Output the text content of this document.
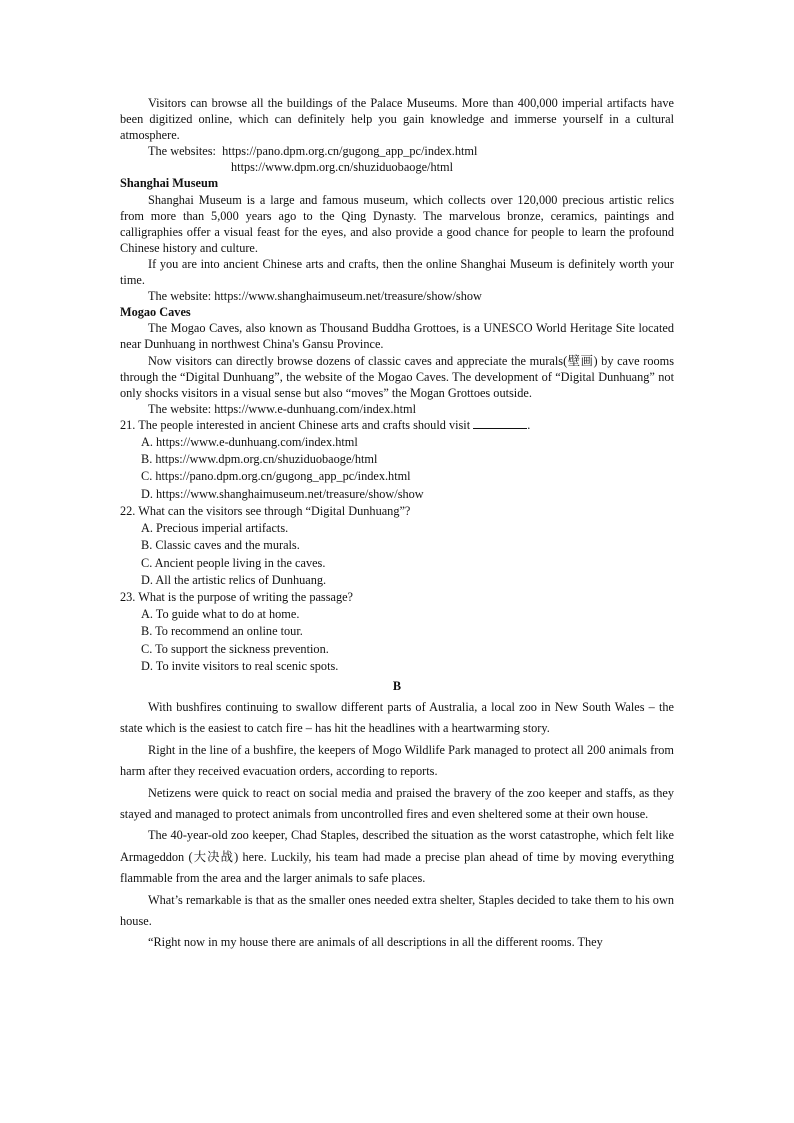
Visitors can browse all the buildings of the Palace Museums. More than 400,000 imperial artifacts have been digitized online, which can definitely help you gain knowledge and immerse yourself in a cultural atmosphere.

The websites: https://pano.dpm.org.cn/gugong_app_pc/index.html

https://www.dpm.org.cn/shuziduobaoge/html

Shanghai Museum

Shanghai Museum is a large and famous museum, which collects over 120,000 precious artistic relics from more than 5,000 years ago to the Qing Dynasty. The marvelous bronze, ceramics, paintings and calligraphies offer a visual feast for the eyes, and also provide a good chance for people to learn the profound Chinese history and culture.

If you are into ancient Chinese arts and crafts, then the online Shanghai Museum is definitely worth your time.

The website: https://www.shanghaimuseum.net/treasure/show/show

Mogao Caves

The Mogao Caves, also known as Thousand Buddha Grottoes, is a UNESCO World Heritage Site located near Dunhuang in northwest China's Gansu Province.

Now visitors can directly browse dozens of classic caves and appreciate the murals(壁画) by cave rooms through the “Digital Dunhuang”, the website of the Mogao Caves. The development of “Digital Dunhuang” not only shocks visitors in a visual sense but also “moves” the Mogan Grottoes outside.

The website: https://www.e-dunhuang.com/index.html

21. The people interested in ancient Chinese arts and crafts should visit	.

A. https://www.e-dunhuang.com/index.html

B. https://www.dpm.org.cn/shuziduobaoge/html

C. https://pano.dpm.org.cn/gugong_app_pc/index.html

D. https://www.shanghaimuseum.net/treasure/show/show

22. What can the visitors see through “Digital Dunhuang”?

A. Precious imperial artifacts.

B. Classic caves and the murals.

C. Ancient people living in the caves.

D. All the artistic relics of Dunhuang.

23. What is the purpose of writing the passage?

A. To guide what to do at home.

B. To recommend an online tour.

C. To support the sickness prevention.

D. To invite visitors to real scenic spots.

B

With bushfires continuing to swallow different parts of Australia, a local zoo in New South Wales – the state which is the easiest to catch fire – has hit the headlines with a heartwarming story.

Right in the line of a bushfire, the keepers of Mogo Wildlife Park managed to protect all 200 animals from harm after they received evacuation orders, according to reports.

Netizens were quick to react on social media and praised the bravery of the zoo keeper and staffs, as they stayed and managed to protect animals from uncontrolled fires and even sheltered some at their own house.

The 40-year-old zoo keeper, Chad Staples, described the situation as the worst catastrophe, which felt like Armageddon (大决战) here. Luckily, his team had made a precise plan ahead of time by moving everything flammable from the area and the larger animals to safe places.

What’s remarkable is that as the smaller ones needed extra shelter, Staples decided to take them to his own house.

“Right now in my house there are animals of all descriptions in all the different rooms. They
